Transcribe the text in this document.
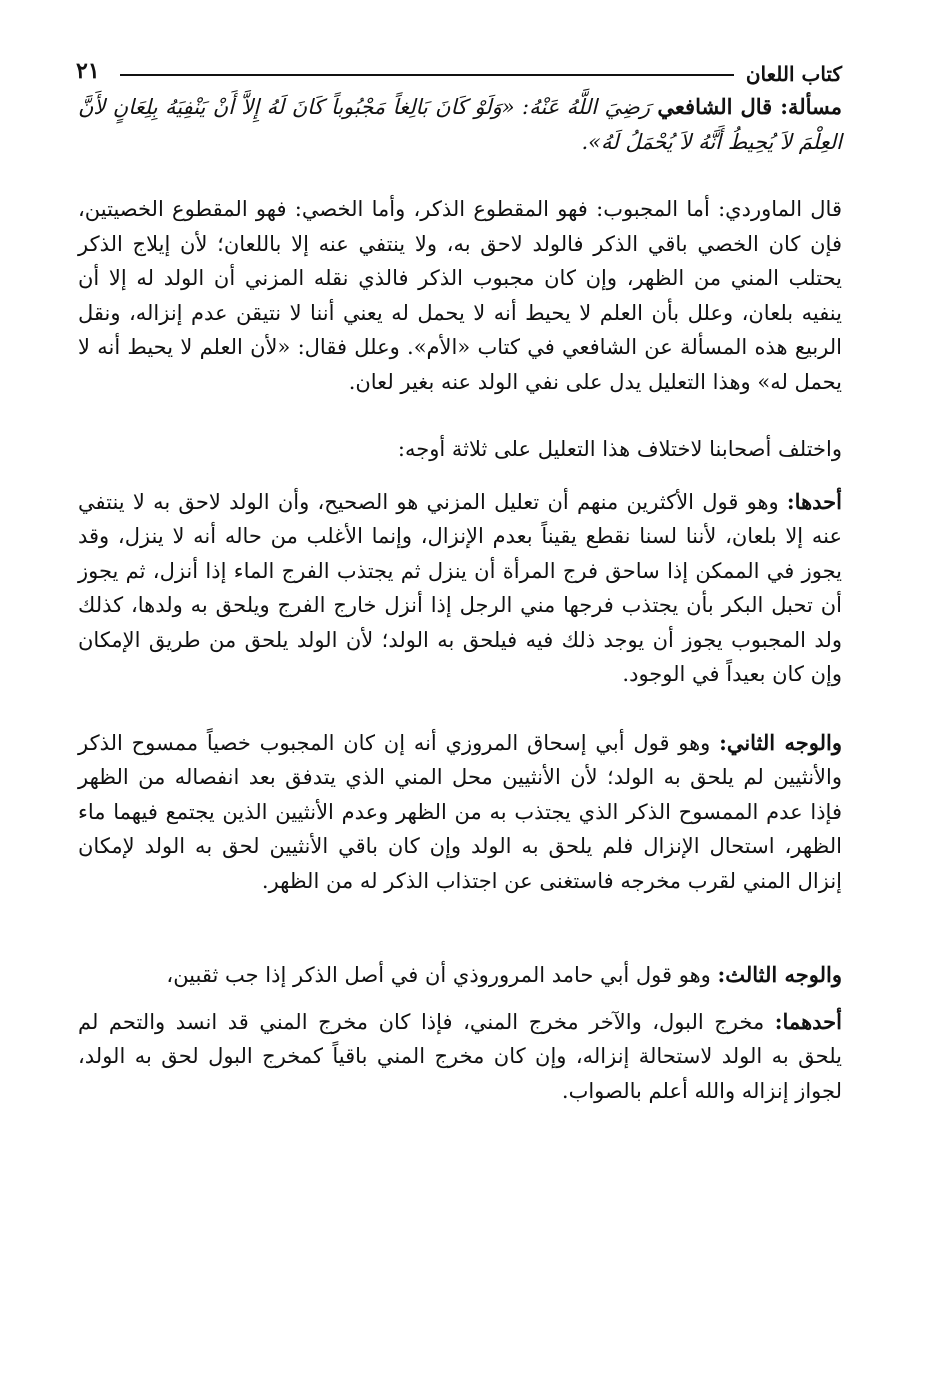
كتاب اللعان
٢١

مسألة: قال الشافعي رَضِيَ اللَّهُ عَنْهُ: «وَلَوْ كَانَ بَالِغاً مَجْبُوباً كَانَ لَهُ إِلاَّ أَنْ يَنْفِيَهُ بِلِعَانٍ لأَنَّ العِلْمَ لاَ يُحِيطُ أَنَّهُ لاَ يُحْمَلُ لَهُ».

قال الماوردي: أما المجبوب: فهو المقطوع الذكر، وأما الخصي: فهو المقطوع الخصيتين، فإن كان الخصي باقي الذكر فالولد لاحق به، ولا ينتفي عنه إلا باللعان؛ لأن إيلاج الذكر يحتلب المني من الظهر، وإن كان مجبوب الذكر فالذي نقله المزني أن الولد له إلا أن ينفيه بلعان، وعلل بأن العلم لا يحيط أنه لا يحمل له يعني أننا لا نتيقن عدم إنزاله، ونقل الربيع هذه المسألة عن الشافعي في كتاب «الأم». وعلل فقال: «لأن العلم لا يحيط أنه لا يحمل له» وهذا التعليل يدل على نفي الولد عنه بغير لعان.

واختلف أصحابنا لاختلاف هذا التعليل على ثلاثة أوجه:

أحدها: وهو قول الأكثرين منهم أن تعليل المزني هو الصحيح، وأن الولد لاحق به لا ينتفي عنه إلا بلعان، لأننا لسنا نقطع يقيناً بعدم الإنزال، وإنما الأغلب من حاله أنه لا ينزل، وقد يجوز في الممكن إذا ساحق فرج المرأة أن ينزل ثم يجتذب الفرج الماء إذا أنزل، ثم يجوز أن تحبل البكر بأن يجتذب فرجها مني الرجل إذا أنزل خارج الفرج ويلحق به ولدها، كذلك ولد المجبوب يجوز أن يوجد ذلك فيه فيلحق به الولد؛ لأن الولد يلحق من طريق الإمكان وإن كان بعيداً في الوجود.

والوجه الثاني: وهو قول أبي إسحاق المروزي أنه إن كان المجبوب خصياً ممسوح الذكر والأنثيين لم يلحق به الولد؛ لأن الأنثيين محل المني الذي يتدفق بعد انفصاله من الظهر فإذا عدم الممسوح الذكر الذي يجتذب به من الظهر وعدم الأنثيين الذين يجتمع فيهما ماء الظهر، استحال الإنزال فلم يلحق به الولد وإن كان باقي الأنثيين لحق به الولد لإمكان إنزال المني لقرب مخرجه فاستغنى عن اجتذاب الذكر له من الظهر.

والوجه الثالث: وهو قول أبي حامد المروروذي أن في أصل الذكر إذا جب ثقبين،

أحدهما: مخرج البول، والآخر مخرج المني، فإذا كان مخرج المني قد انسد والتحم لم يلحق به الولد لاستحالة إنزاله، وإن كان مخرج المني باقياً كمخرج البول لحق به الولد، لجواز إنزاله والله أعلم بالصواب.
